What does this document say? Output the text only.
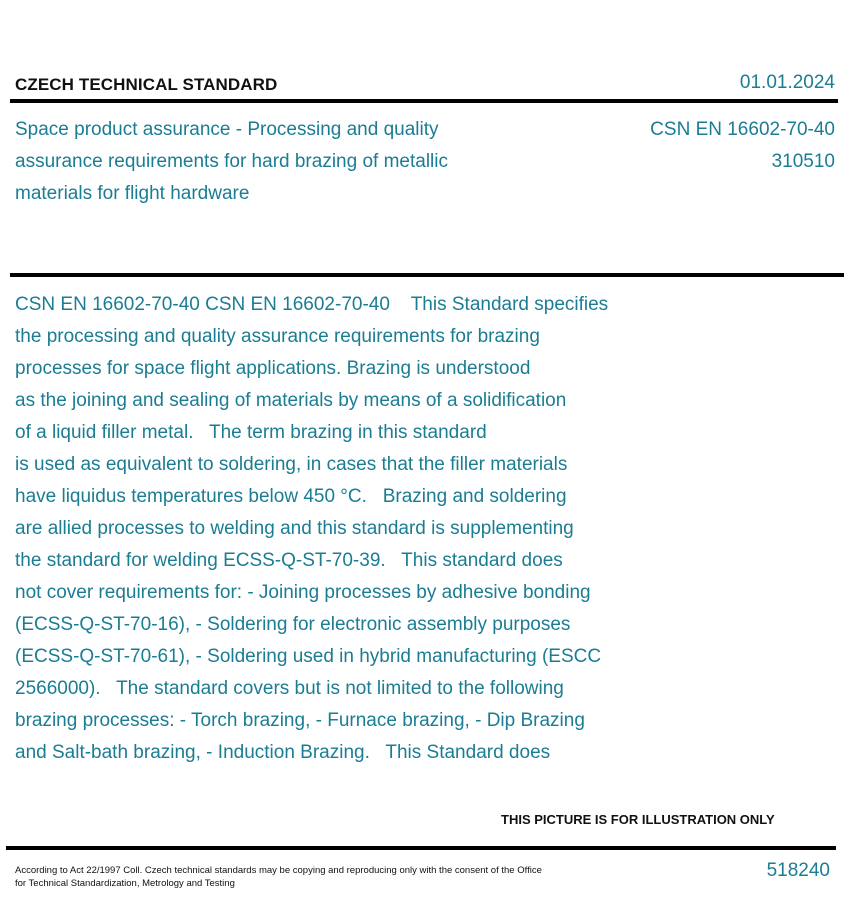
CZECH TECHNICAL STANDARD	01.01.2024
Space product assurance - Processing and quality
assurance requirements for hard brazing of metallic
materials for flight hardware
CSN EN 16602-70-40
310510
CSN EN 16602-70-40 CSN EN 16602-70-40    This Standard specifies
the processing and quality assurance requirements for brazing
processes for space flight applications. Brazing is understood
as the joining and sealing of materials by means of a solidification
of a liquid filler metal.   The term brazing in this standard
is used as equivalent to soldering, in cases that the filler materials
have liquidus temperatures below 450 °C.   Brazing and soldering
are allied processes to welding and this standard is supplementing
the standard for welding ECSS-Q-ST-70-39.   This standard does
not cover requirements for: - Joining processes by adhesive bonding
(ECSS-Q-ST-70-16), - Soldering for electronic assembly purposes
(ECSS-Q-ST-70-61), - Soldering used in hybrid manufacturing (ESCC
2566000).   The standard covers but is not limited to the following
brazing processes: - Torch brazing, - Furnace brazing, - Dip Brazing
and Salt-bath brazing, - Induction Brazing.   This Standard does
THIS PICTURE IS FOR ILLUSTRATION ONLY
According to Act 22/1997 Coll. Czech technical standards may be copying and reproducing only with the consent of the Office
for Technical Standardization, Metrology and Testing
518240
